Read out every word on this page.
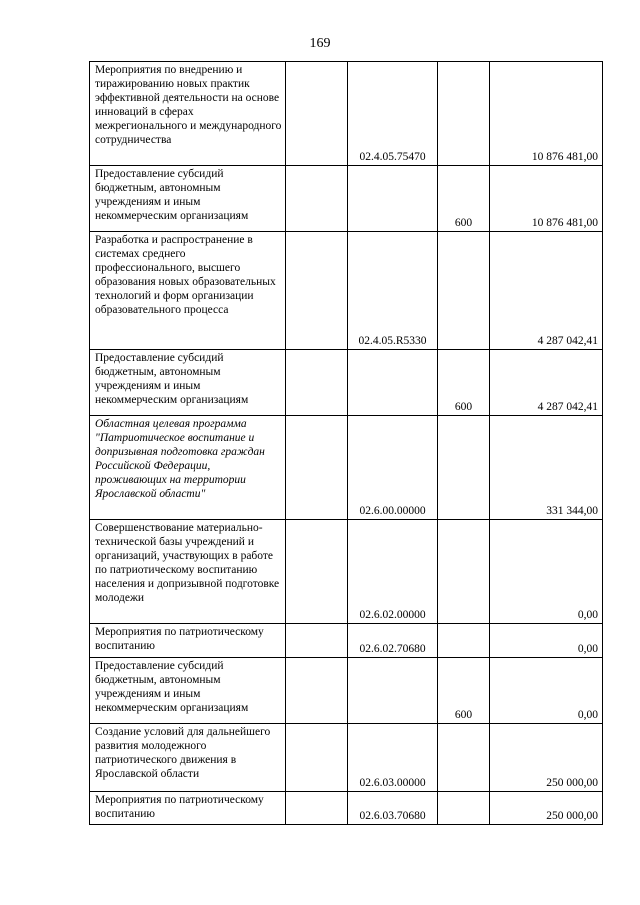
169
Мероприятия по внедрению и тиражированию новых практик эффективной деятельности на основе инноваций в сферах межрегионального и международного сотрудничества		02.4.05.75470		10 876 481,00
Предоставление субсидий бюджетным, автономным учреждениям и иным некоммерческим организациям			600	10 876 481,00
Разработка и распространение в системах среднего профессионального, высшего образования новых образовательных технологий и форм организации образовательного процесса		02.4.05.R5330		4 287 042,41
Предоставление субсидий бюджетным, автономным учреждениям и иным некоммерческим организациям			600	4 287 042,41
Областная целевая программа "Патриотическое воспитание и допризывная подготовка граждан Российской Федерации, проживающих на территории Ярославской области"		02.6.00.00000		331 344,00
Совершенствование материально-технической базы учреждений и организаций, участвующих в работе по патриотическому воспитанию населения и допризывной подготовке молодежи		02.6.02.00000		0,00
Мероприятия по патриотическому воспитанию		02.6.02.70680		0,00
Предоставление субсидий бюджетным, автономным учреждениям и иным некоммерческим организациям			600	0,00
Создание условий для дальнейшего развития молодежного патриотического движения в Ярославской области		02.6.03.00000		250 000,00
Мероприятия по патриотическому воспитанию		02.6.03.70680		250 000,00
